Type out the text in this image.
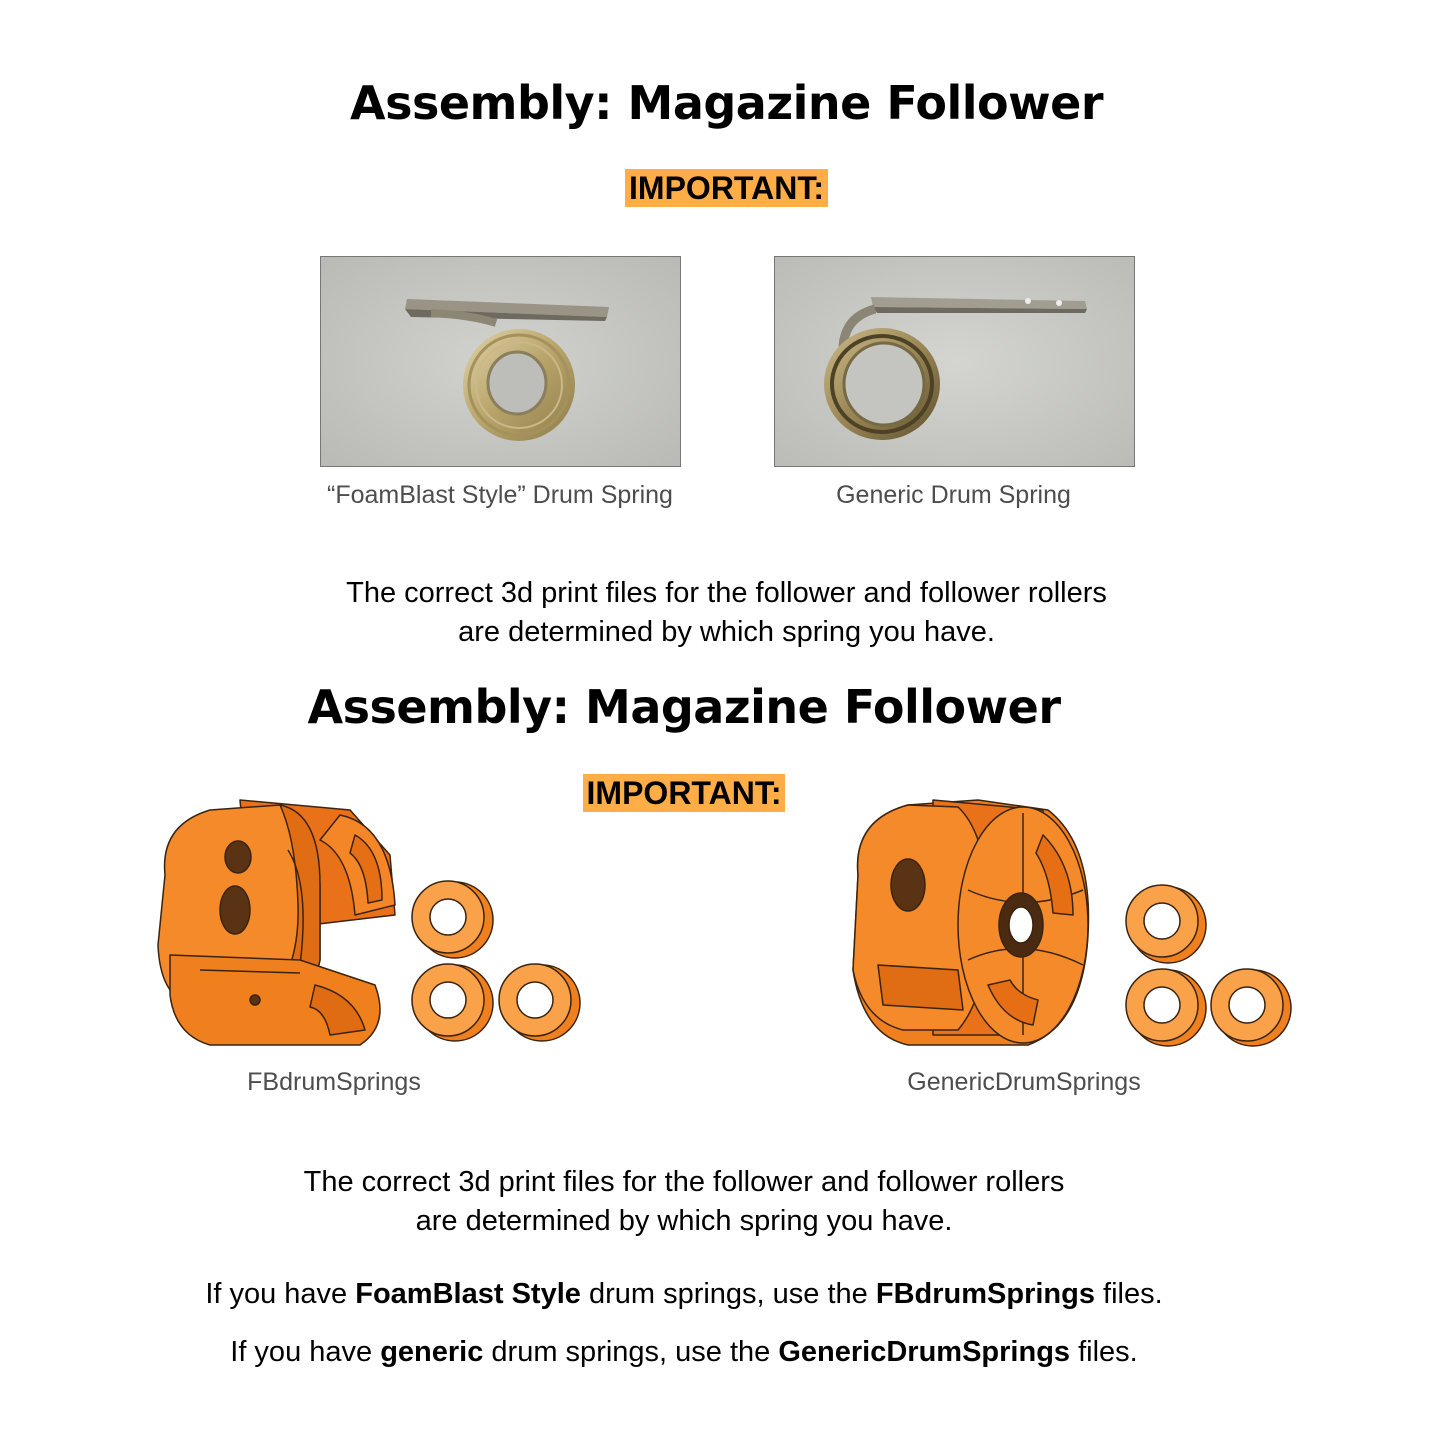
Assembly: Magazine Follower
IMPORTANT:
“FoamBlast Style” Drum Spring	Generic Drum Spring
The correct 3d print files for the follower and follower rollers
are determined by which spring you have.
Assembly: Magazine Follower
IMPORTANT:
FBdrumSprings	GenericDrumSprings
The correct 3d print files for the follower and follower rollers
are determined by which spring you have.
If you have FoamBlast Style drum springs, use the FBdrumSprings files.
If you have generic drum springs, use the GenericDrumSprings files.
